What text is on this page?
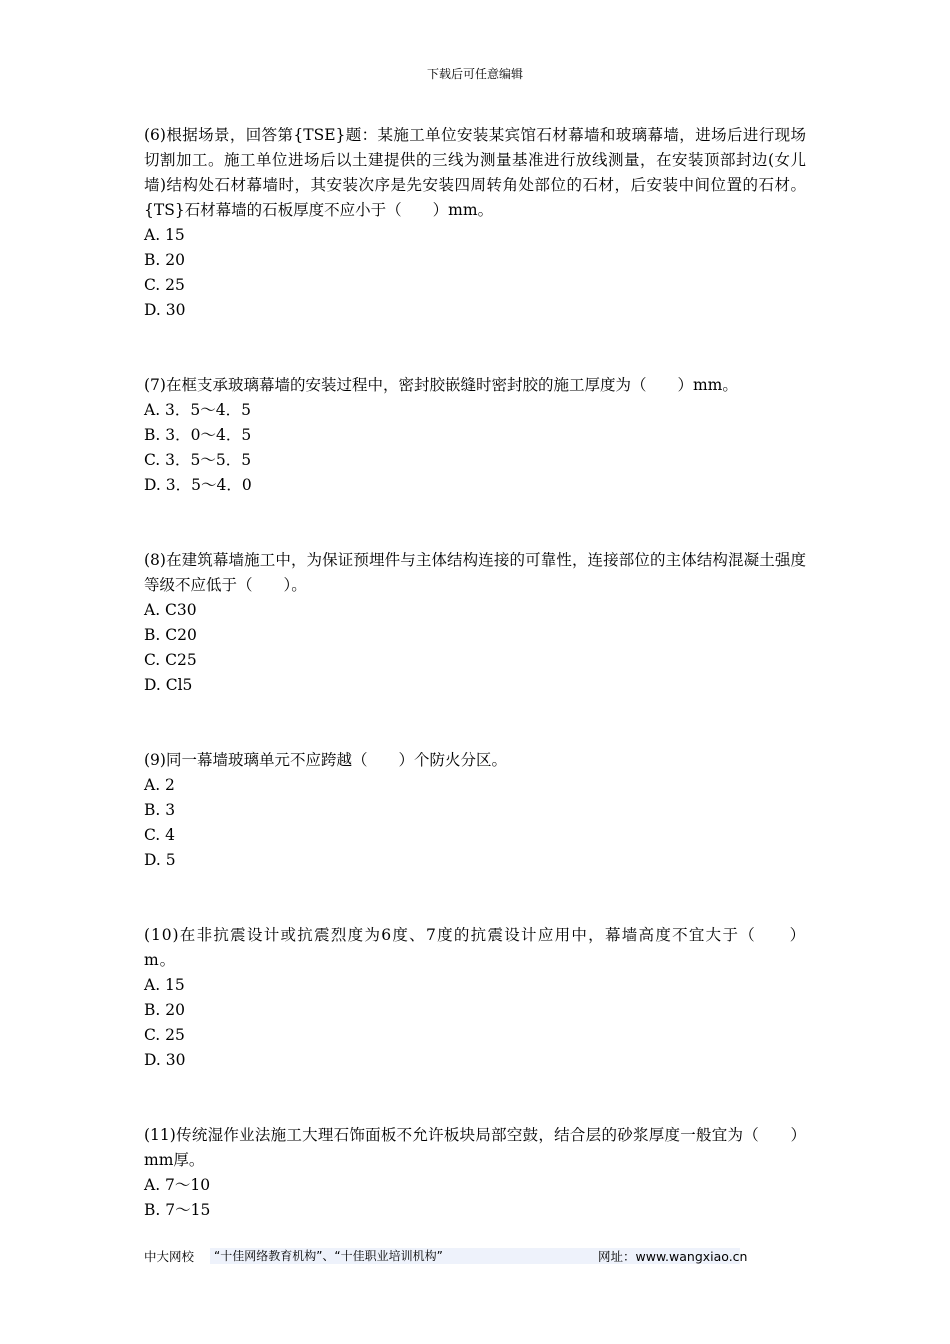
下载后可任意编辑

(6)根据场景，回答第{TSE}题：某施工单位安装某宾馆石材幕墙和玻璃幕墙，进场后进行现场切割加工。施工单位进场后以土建提供的三线为测量基准进行放线测量，在安装顶部封边(女儿墙)结构处石材幕墙时，其安装次序是先安装四周转角处部位的石材，后安装中间位置的石材。{TS}石材幕墙的石板厚度不应小于（　　）mm。

A. 15

B. 20

C. 25

D. 30

(7)在框支承玻璃幕墙的安装过程中，密封胶嵌缝时密封胶的施工厚度为（　　）mm。

A. 3．5～4．5

B. 3．0～4．5

C. 3．5～5．5

D. 3．5～4．0

(8)在建筑幕墙施工中，为保证预埋件与主体结构连接的可靠性，连接部位的主体结构混凝土强度等级不应低于（　　）。

A. C30

B. C20

C. C25

D. Cl5

(9)同一幕墙玻璃单元不应跨越（　　）个防火分区。

A. 2

B. 3

C. 4

D. 5

(10)在非抗震设计或抗震烈度为6度、7度的抗震设计应用中，幕墙高度不宜大于（　　）m。

A. 15

B. 20

C. 25

D. 30

(11)传统湿作业法施工大理石饰面板不允许板块局部空鼓，结合层的砂浆厚度一般宜为（　　）mm厚。

A. 7～10

B. 7～15

中大网校	“十佳网络教育机构”、“十佳职业培训机构”	网址：www.wangxiao.cn
